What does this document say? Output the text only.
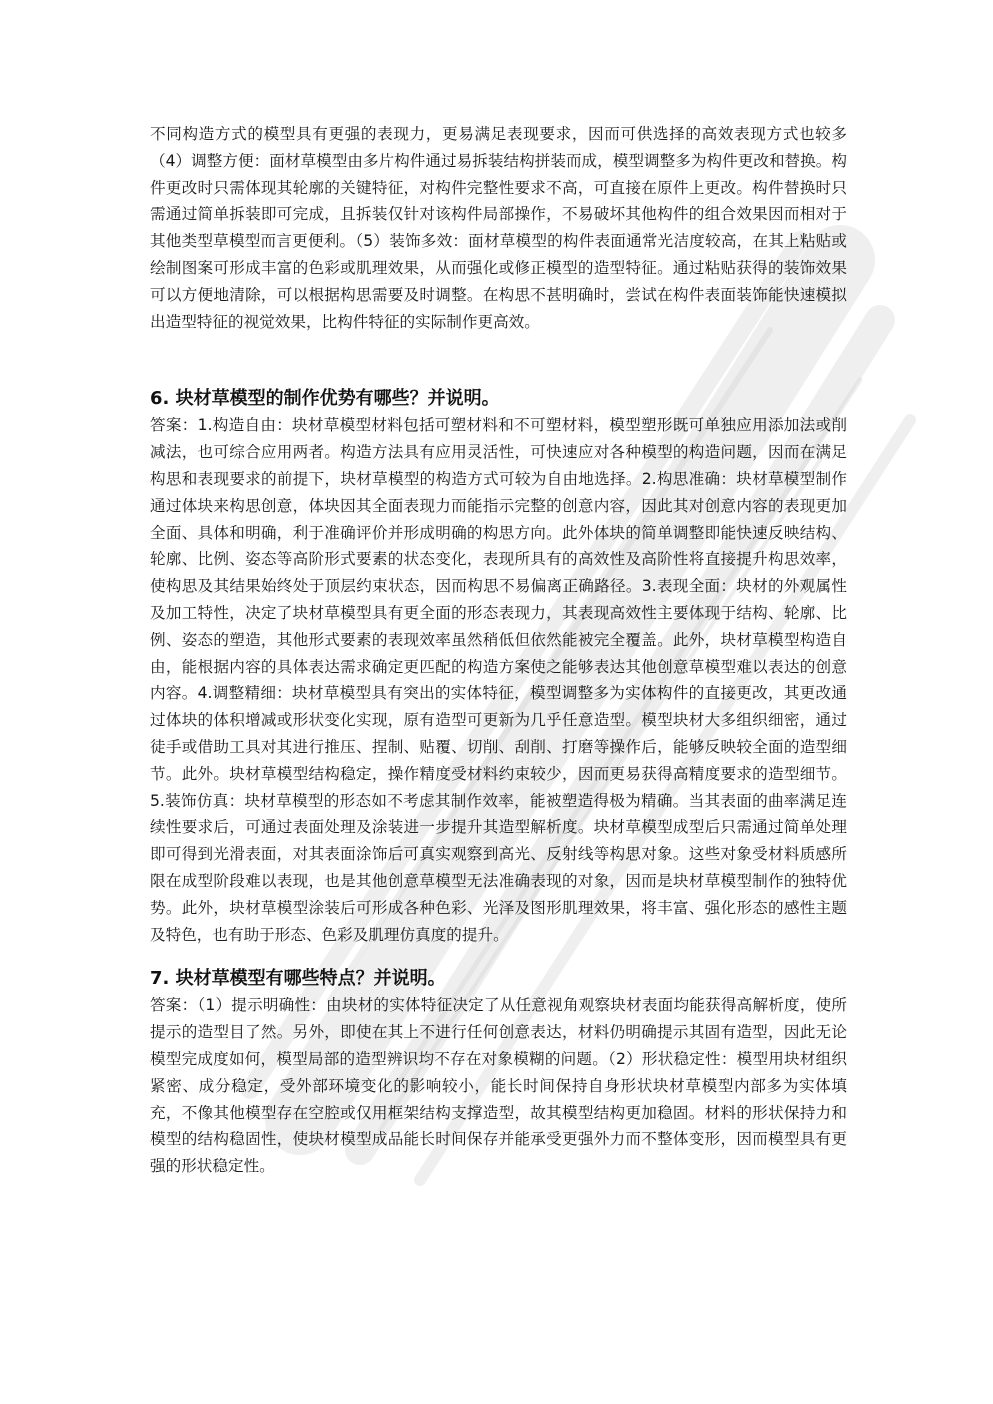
不同构造方式的模型具有更强的表现力，更易满足表现要求，因而可供选择的高效表现方式也较多（4）调整方便：面材草模型由多片构件通过易拆装结构拼装而成，模型调整多为构件更改和替换。构件更改时只需体现其轮廓的关键特征，对构件完整性要求不高，可直接在原件上更改。构件替换时只需通过简单拆装即可完成，且拆装仅针对该构件局部操作，不易破坏其他构件的组合效果因而相对于其他类型草模型而言更便利。（5）装饰多效：面材草模型的构件表面通常光洁度较高，在其上粘贴或绘制图案可形成丰富的色彩或肌理效果，从而强化或修正模型的造型特征。通过粘贴获得的装饰效果可以方便地清除，可以根据构思需要及时调整。在构思不甚明确时，尝试在构件表面装饰能快速模拟出造型特征的视觉效果，比构件特征的实际制作更高效。

6. 块材草模型的制作优势有哪些？并说明。

答案：1.构造自由：块材草模型材料包括可塑材料和不可塑材料，模型塑形既可单独应用添加法或削减法，也可综合应用两者。构造方法具有应用灵活性，可快速应对各种模型的构造问题，因而在满足构思和表现要求的前提下，块材草模型的构造方式可较为自由地选择。2.构思准确：块材草模型制作通过体块来构思创意，体块因其全面表现力而能指示完整的创意内容，因此其对创意内容的表现更加全面、具体和明确，利于准确评价并形成明确的构思方向。此外体块的简单调整即能快速反映结构、轮廓、比例、姿态等高阶形式要素的状态变化，表现所具有的高效性及高阶性将直接提升构思效率，使构思及其结果始终处于顶层约束状态，因而构思不易偏离正确路径。3.表现全面：块材的外观属性及加工特性，决定了块材草模型具有更全面的形态表现力，其表现高效性主要体现于结构、轮廓、比例、姿态的塑造，其他形式要素的表现效率虽然稍低但依然能被完全覆盖。此外，块材草模型构造自由，能根据内容的具体表达需求确定更匹配的构造方案使之能够表达其他创意草模型难以表达的创意内容。4.调整精细：块材草模型具有突出的实体特征，模型调整多为实体构件的直接更改，其更改通过体块的体积增减或形状变化实现，原有造型可更新为几乎任意造型。模型块材大多组织细密，通过徒手或借助工具对其进行推压、捏制、贴覆、切削、刮削、打磨等操作后，能够反映较全面的造型细节。此外。块材草模型结构稳定，操作精度受材料约束较少，因而更易获得高精度要求的造型细节。5.装饰仿真：块材草模型的形态如不考虑其制作效率，能被塑造得极为精确。当其表面的曲率满足连续性要求后，可通过表面处理及涂装进一步提升其造型解析度。块材草模型成型后只需通过简单处理即可得到光滑表面，对其表面涂饰后可真实观察到高光、反射线等构思对象。这些对象受材料质感所限在成型阶段难以表现，也是其他创意草模型无法准确表现的对象，因而是块材草模型制作的独特优势。此外，块材草模型涂装后可形成各种色彩、光泽及图形肌理效果，将丰富、强化形态的感性主题及特色，也有助于形态、色彩及肌理仿真度的提升。

7. 块材草模型有哪些特点？并说明。

答案：（1）提示明确性：由块材的实体特征决定了从任意视角观察块材表面均能获得高解析度，使所提示的造型目了然。另外，即使在其上不进行任何创意表达，材料仍明确提示其固有造型，因此无论模型完成度如何，模型局部的造型辨识均不存在对象模糊的问题。（2）形状稳定性：模型用块材组织紧密、成分稳定，受外部环境变化的影响较小，能长时间保持自身形状块材草模型内部多为实体填充，不像其他模型存在空腔或仅用框架结构支撑造型，故其模型结构更加稳固。材料的形状保持力和模型的结构稳固性，使块材模型成品能长时间保存并能承受更强外力而不整体变形，因而模型具有更强的形状稳定性。
